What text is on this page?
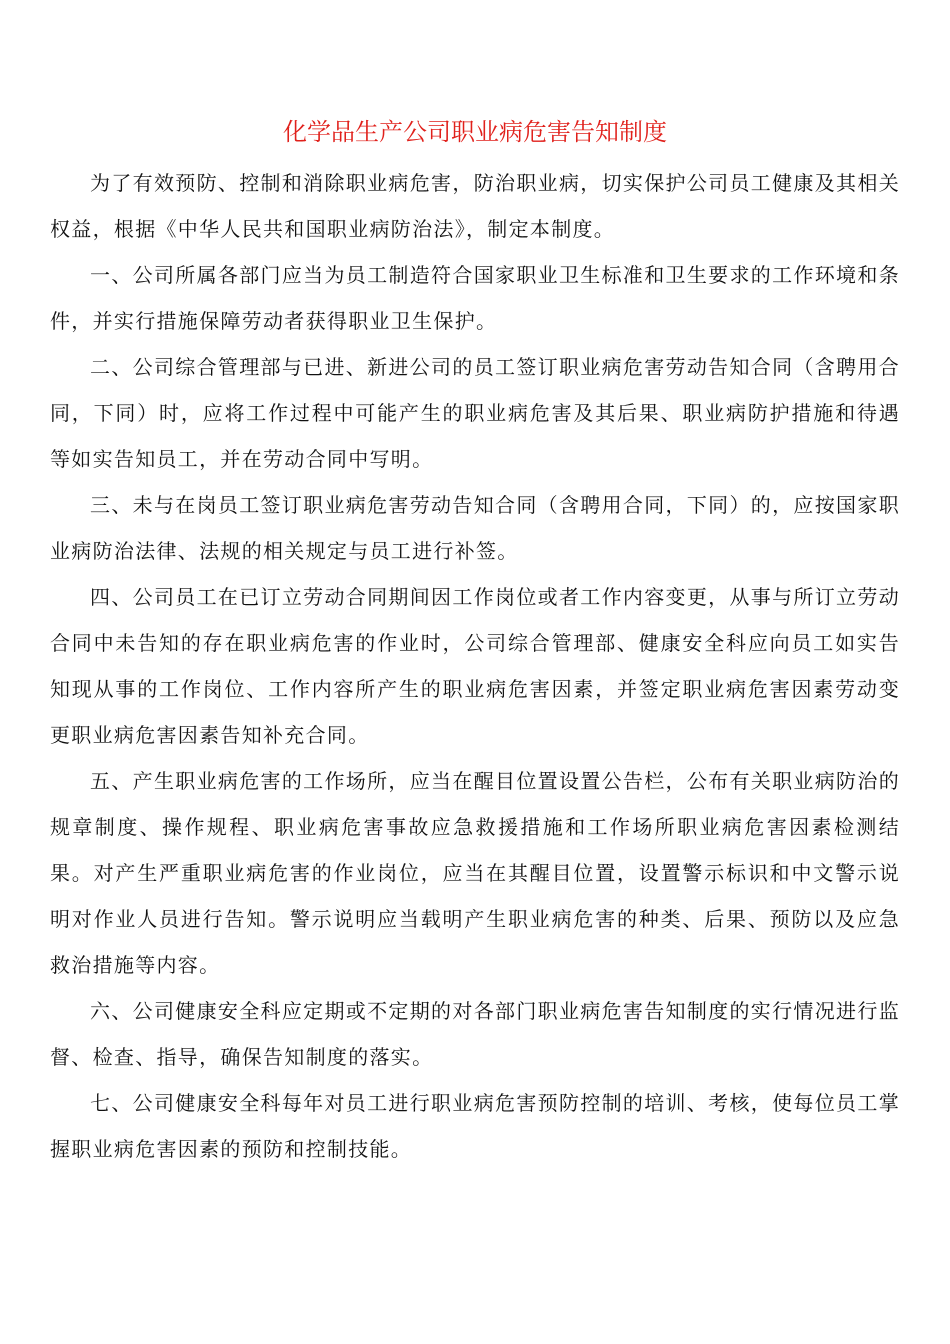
化学品生产公司职业病危害告知制度

为了有效预防、控制和消除职业病危害，防治职业病，切实保护公司员工健康及其相关权益，根据《中华人民共和国职业病防治法》，制定本制度。

一、公司所属各部门应当为员工制造符合国家职业卫生标准和卫生要求的工作环境和条件，并实行措施保障劳动者获得职业卫生保护。

二、公司综合管理部与已进、新进公司的员工签订职业病危害劳动告知合同（含聘用合同，下同）时，应将工作过程中可能产生的职业病危害及其后果、职业病防护措施和待遇等如实告知员工，并在劳动合同中写明。

三、未与在岗员工签订职业病危害劳动告知合同（含聘用合同，下同）的，应按国家职业病防治法律、法规的相关规定与员工进行补签。

四、公司员工在已订立劳动合同期间因工作岗位或者工作内容变更，从事与所订立劳动合同中未告知的存在职业病危害的作业时，公司综合管理部、健康安全科应向员工如实告知现从事的工作岗位、工作内容所产生的职业病危害因素，并签定职业病危害因素劳动变更职业病危害因素告知补充合同。

五、产生职业病危害的工作场所，应当在醒目位置设置公告栏，公布有关职业病防治的规章制度、操作规程、职业病危害事故应急救援措施和工作场所职业病危害因素检测结果。对产生严重职业病危害的作业岗位，应当在其醒目位置，设置警示标识和中文警示说明对作业人员进行告知。警示说明应当载明产生职业病危害的种类、后果、预防以及应急救治措施等内容。

六、公司健康安全科应定期或不定期的对各部门职业病危害告知制度的实行情况进行监督、检查、指导，确保告知制度的落实。

七、公司健康安全科每年对员工进行职业病危害预防控制的培训、考核，使每位员工掌握职业病危害因素的预防和控制技能。
